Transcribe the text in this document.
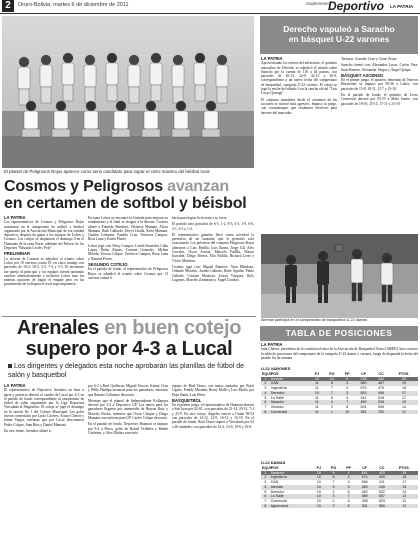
2	Oruro-Bolivia, martes 6 de diciembre de 2011	Suplemento
Deportivo LA PATRIA
El plantel de Peligrosos Rojos aparece como serio candidato para lograr el cetro máximo del béisbol local
Cosmos y Peligrosos avanzan
en certamen de softbol y béisbol
LA PATRIA
Los representativos de Cosmos y Peligrosos Rojos avanzaron en el campeonato de softbol y béisbol organizado por la Asociación Municipal de esa entidad deportiva, después de ganar a los equipos de Lobos y Cosmos. Los cotejos se disputaron el domingo 4 en el Diamante de la zona Norte, adelante del Palacio de los Deportes "Eduardo Leclerc Pely".
PRELIMINAR
La novena de Cosmos se adjudicó el triunfo sobre Lobos por 10 carreras contra 19, en cinco innings con parciales de 10-2, 10-3, 5-2, 7-4 y 5-3. El encuentro fue parejo al principio y los equipos fueron anotando carreras alternativamente e inclusive Lobos tuvo las mismas opciones de lograr el empate pero en las postrimerías de la disputa el rival supo imponerse.
En tanto Lobos no encontró la fórmula para mejorar su rendimiento y al final se resignó a la derrota. Cosmos alineó a Eduardo Martínez, Verónica Mamani, Alicia Mamani, Ruth Gallardo, Deyvi Challa, Sofía Mamani, Cinthia Ledezma, Pamela Cruz, Verónica Campos, Rosa Luna y Estela Flores.
Lobos jugó con: Deisy Campos, Lizeth Saavedra, Lidia López, Ibeha Alanes, Carmen Gonzales, Melina Mérida, Yessica Colque, Verónica Campos, Rosa Luna y Ximena Flores.
SEGUNDO COTEJO
En el partido de fondo, el representativo de Peligrosos Rojos se adjudicó el triunfo sobre Cosmos por 13 carreras contra 6.
hacía para lograr la victoria a su favor.
El partido tuvo parciales de 6-5, 1-2, 8-3, 4-3, 1-0, 0-0, 2-1, 4-3 y 1-2.
El representativo ganador llevó como novedad la presencia de un lanzador que le permitió salir ovacionado. Los peloteros del conjunto Peligrosos Rojos alinearon a Luis Padilla, Luis Ibarra, Jorge Gil, Alex Corrales, Oscar Acosta, Marcelo Padilla, Mauro Iturralde, Diego Rivera, Elio Padilla, Richard León y Víctor Martínez.
Cosmos jugó con: Miguel Ramírez, Alan Mendoza, Orlando Morales, Jordán Galindo, René Aguilar, Pablo Galindo, Cristian Montoya, Jeison Vásquez, Roly Lugones, Marcelo Zambrana y Ángel Condori.
Arenales en buen cotejo
supero por 4-3 a Lucal
Los dirigentes y delegados esta noche aprobarán las planillas de fútbol de salón y basquetbol
LA PATRIA
El representativo de Deportivo Arenales en base a garra y potencia derrotó al cuadro de Lucal por 4-3 en el partido de fondo correspondiente al campeonato de fútbol de salón organizado por la Liga Deportiva Vinculada al Magisterio. El cotejo se jugó el domingo en la cancha No 1 del Coliseo Municipal. Los goles fueron convertidos por Lucio Cáceres, Arturo Chávez y Jaime Vargas, mientras que por Lucal descontaron Pedro Colque, Juan Ríos y Daniel Mamani.
En otro frente, Arenales alineó a:
por 6-2 a Real Quillacas; Miguel Orozco, Kenny Cruz y Willy Huallpa anotaron para los ganadores, mientras que Ramiro Colimayo descontó.
Mientras que el plantel de Independiente Kollapaya derrotó por 3-2 a Deportivo UP. Los tantos para los ganadores llegaron por intermedio de Brayan Ruiz y Marcelo Rocha, mientras que Oscar Choque y Diego Mamani convirtieron para UP. Carlos Colque descontó.
En el partido de fondo, Deportivo Huanuni se impuso por 9-4 a Pesca, goles de Rafael Ordóñez y Rubén Cárdenas, y Alex Molina convirtió.
equipo de Real Oruro, con tantos anotados por Boris Ugarte, Freddy Miranda, Henry Mollo y Luis Mollo; por Hoja Santa, Luis Pérez.
BASQUETBOL
En el primer juego, el representativo de Huanuni derrotó a San Juan por 82-61, con parciales de 21-14, 20-12, 7-2 y 25-9. En otro cotejo, Ángeles venció a Unión 58-52 con parciales de 14-12, 12-9, 16-12 y 16-19. En el partido de fondo, Real Oruro superó a Vinculada por 63 a 20 unidades, con parciales de 14-2, 14-6, 19-6 y 16-6.
Derecho vapuleó a Saracho
en básquet U-22 varones
LA PATRIA
Aprovechando los errores del adversario, el quinteto masculino de Derecho se adjudicó el triunfo sobre Saracho por la cuenta de 116 a 44 puntos, con parciales de 26-13, 22-9, 32-13 y 36-9, correspondiente a un nuevo fecha del campeonato de basquetbol, categoría U-22 varones. El cotejo se jugó la noche del sábado 3 en la cancha oficial "Luis Lucas Quiroga".
El conjunto triunfador desde el comienzo de las acciones se mostró más agresivo. Impuso su juego, con contraataques que resultaron efectivos para hacerse del marcador.
Terrazas, Gonzalo Cruz y Cesar Orope.
Saracho formó con: Alexander Lucas, Carlos Vera, Juan Romero, Alexander Vargas y Ángel Quispe.
BÁSQUET ASCENSO
En el primer juego, el quinteto femenino de Nuevos Horizontes se impuso por 58-36 a Lobos, con parciales de 15-8, 18-11, 12-7 y 13-10.
En el partido de fondo, el quinteto de Liceo Comercial derrotó por 83-55 a Mala Suerte, con parciales de 18-10, 25-15, 17-11 y 23-19.
Alemán participa en el campeonato de basquetbol U-22 damas
TABLA DE POSICIONES
LA PATRIA
Sara Chávez, presidenta de la comisión técnica de la Asociación de Basquetbol Oruro (ABBO), hizo conocer la tabla de posiciones del campeonato de la categoría U-22 damas y varones, luego de disputada la fecha del pasado fin de semana.
U-22 VARONES
EQUIPOS		PJ	PG	PP	CF	CC	PTOS.
1	Alemán	10	10	0	728	342	20
2	CAN	11	8	3	580	487	19
3	Ingeniería	11	7	4	579	470	18
4	Derecho	10	7	3	653	456	17
5	La Salle	11	6	5	511	516	17
6	Saracho	11	4	7	459	538	15
7	Vivanco	11	3	8	524	606	14
8	Comercial	11	1	10	381	752	12
U-22 DAMAS
EQUIPOS		PJ	PG	PP	CF	CC	PTOS.
1	Saracho	10	9	1	641	403	19
2	Ingeniería	10	8	2	574	409	18
3	CAN	10	7	3	566	411	17
4	Alemán	10	5	5	483	445	15
5	Derecho	10	4	6	462	532	14
6	La Salle	10	3	7	389	557	13
7	Comercial	10	2	8	358	623	12
8	Agronomía	10	2	8	301	580	12
